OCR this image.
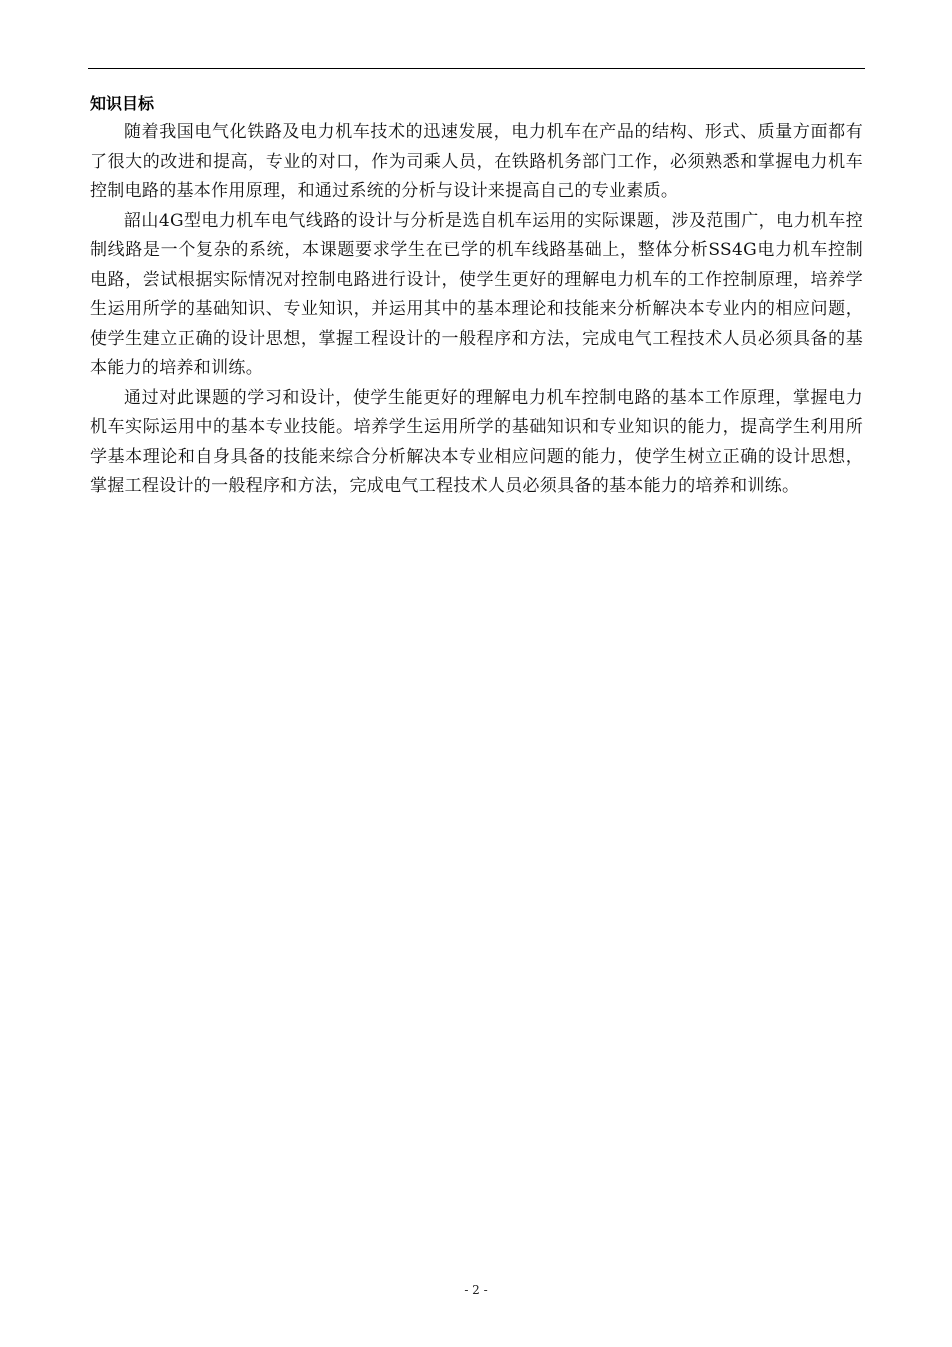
知识目标

随着我国电气化铁路及电力机车技术的迅速发展，电力机车在产品的结构、形式、质量方面都有了很大的改进和提高，专业的对口，作为司乘人员，在铁路机务部门工作，必须熟悉和掌握电力机车控制电路的基本作用原理，和通过系统的分析与设计来提高自己的专业素质。

韶山4G型电力机车电气线路的设计与分析是选自机车运用的实际课题，涉及范围广，电力机车控制线路是一个复杂的系统，本课题要求学生在已学的机车线路基础上，整体分析SS4G电力机车控制电路，尝试根据实际情况对控制电路进行设计，使学生更好的理解电力机车的工作控制原理，培养学生运用所学的基础知识、专业知识，并运用其中的基本理论和技能来分析解决本专业内的相应问题，使学生建立正确的设计思想，掌握工程设计的一般程序和方法，完成电气工程技术人员必须具备的基本能力的培养和训练。

通过对此课题的学习和设计，使学生能更好的理解电力机车控制电路的基本工作原理，掌握电力机车实际运用中的基本专业技能。培养学生运用所学的基础知识和专业知识的能力，提高学生利用所学基本理论和自身具备的技能来综合分析解决本专业相应问题的能力，使学生树立正确的设计思想，掌握工程设计的一般程序和方法，完成电气工程技术人员必须具备的基本能力的培养和训练。

- 2 -
